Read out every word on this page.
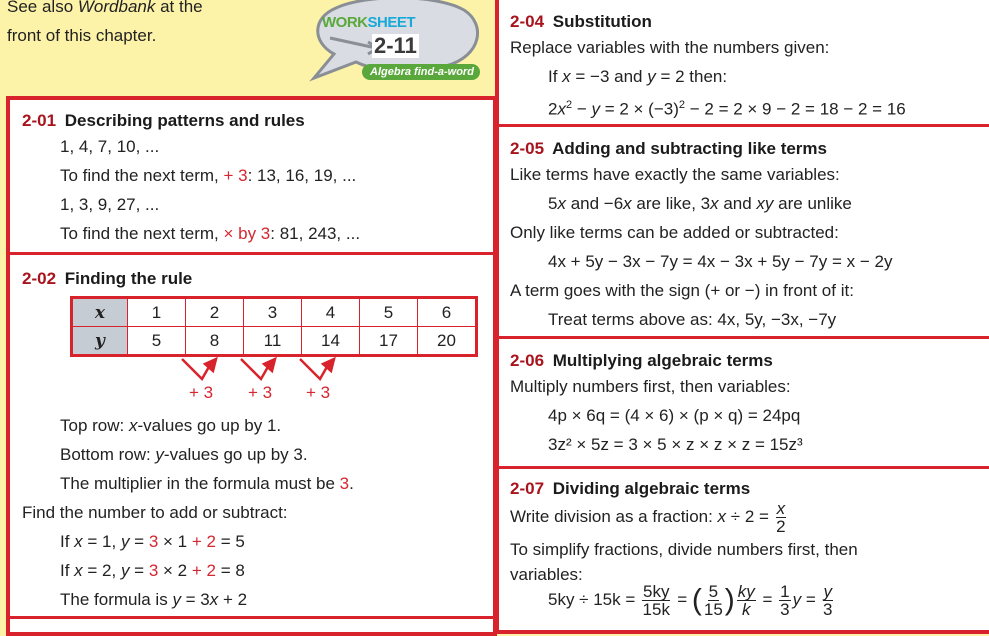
See also Wordbank at the
front of this chapter.
WORKSHEET
2-11
Algebra find-a-word
2-01 Describing patterns and rules
1, 4, 7, 10, ...
To find the next term, + 3: 13, 16, 19, ...
1, 3, 9, 27, ...
To find the next term, × by 3: 81, 243, ...
2-02 Finding the rule
x	1	2	3	4	5	6
y	5	8	11	14	17	20
+ 3 + 3 + 3
Top row: x-values go up by 1.
Bottom row: y-values go up by 3.
The multiplier in the formula must be 3.
Find the number to add or subtract:
If x = 1, y = 3 × 1 + 2 = 5
If x = 2, y = 3 × 2 + 2 = 8
The formula is y = 3x + 2
2-04 Substitution
Replace variables with the numbers given:
If x = −3 and y = 2 then:
$2x^2 - y = 2 \times (-3)^2 - 2 = 2 \times 9 - 2 = 18 - 2 = 16$
2-05 Adding and subtracting like terms
Like terms have exactly the same variables:
5x and −6x are like, 3x and xy are unlike
Only like terms can be added or subtracted:
4x + 5y − 3x − 7y = 4x − 3x + 5y − 7y = x − 2y
A term goes with the sign (+ or −) in front of it:
Treat terms above as: 4x, 5y, −3x, −7y
2-06 Multiplying algebraic terms
Multiply numbers first, then variables:
4p × 6q = (4 × 6) × (p × q) = 24pq
3z² × 5z = 3 × 5 × z × z × z = 15z³
2-07 Dividing algebraic terms
Write division as a fraction: $x \div 2 = \frac{x}{2}$
To simplify fractions, divide numbers first, then
variables:
$5ky \div 15k = \frac{5ky}{15k}$ = ( $\frac{5}{15}$ ) $\frac{ky}{k} = \frac{1}{3}$ $y = \frac{y}{3}$
